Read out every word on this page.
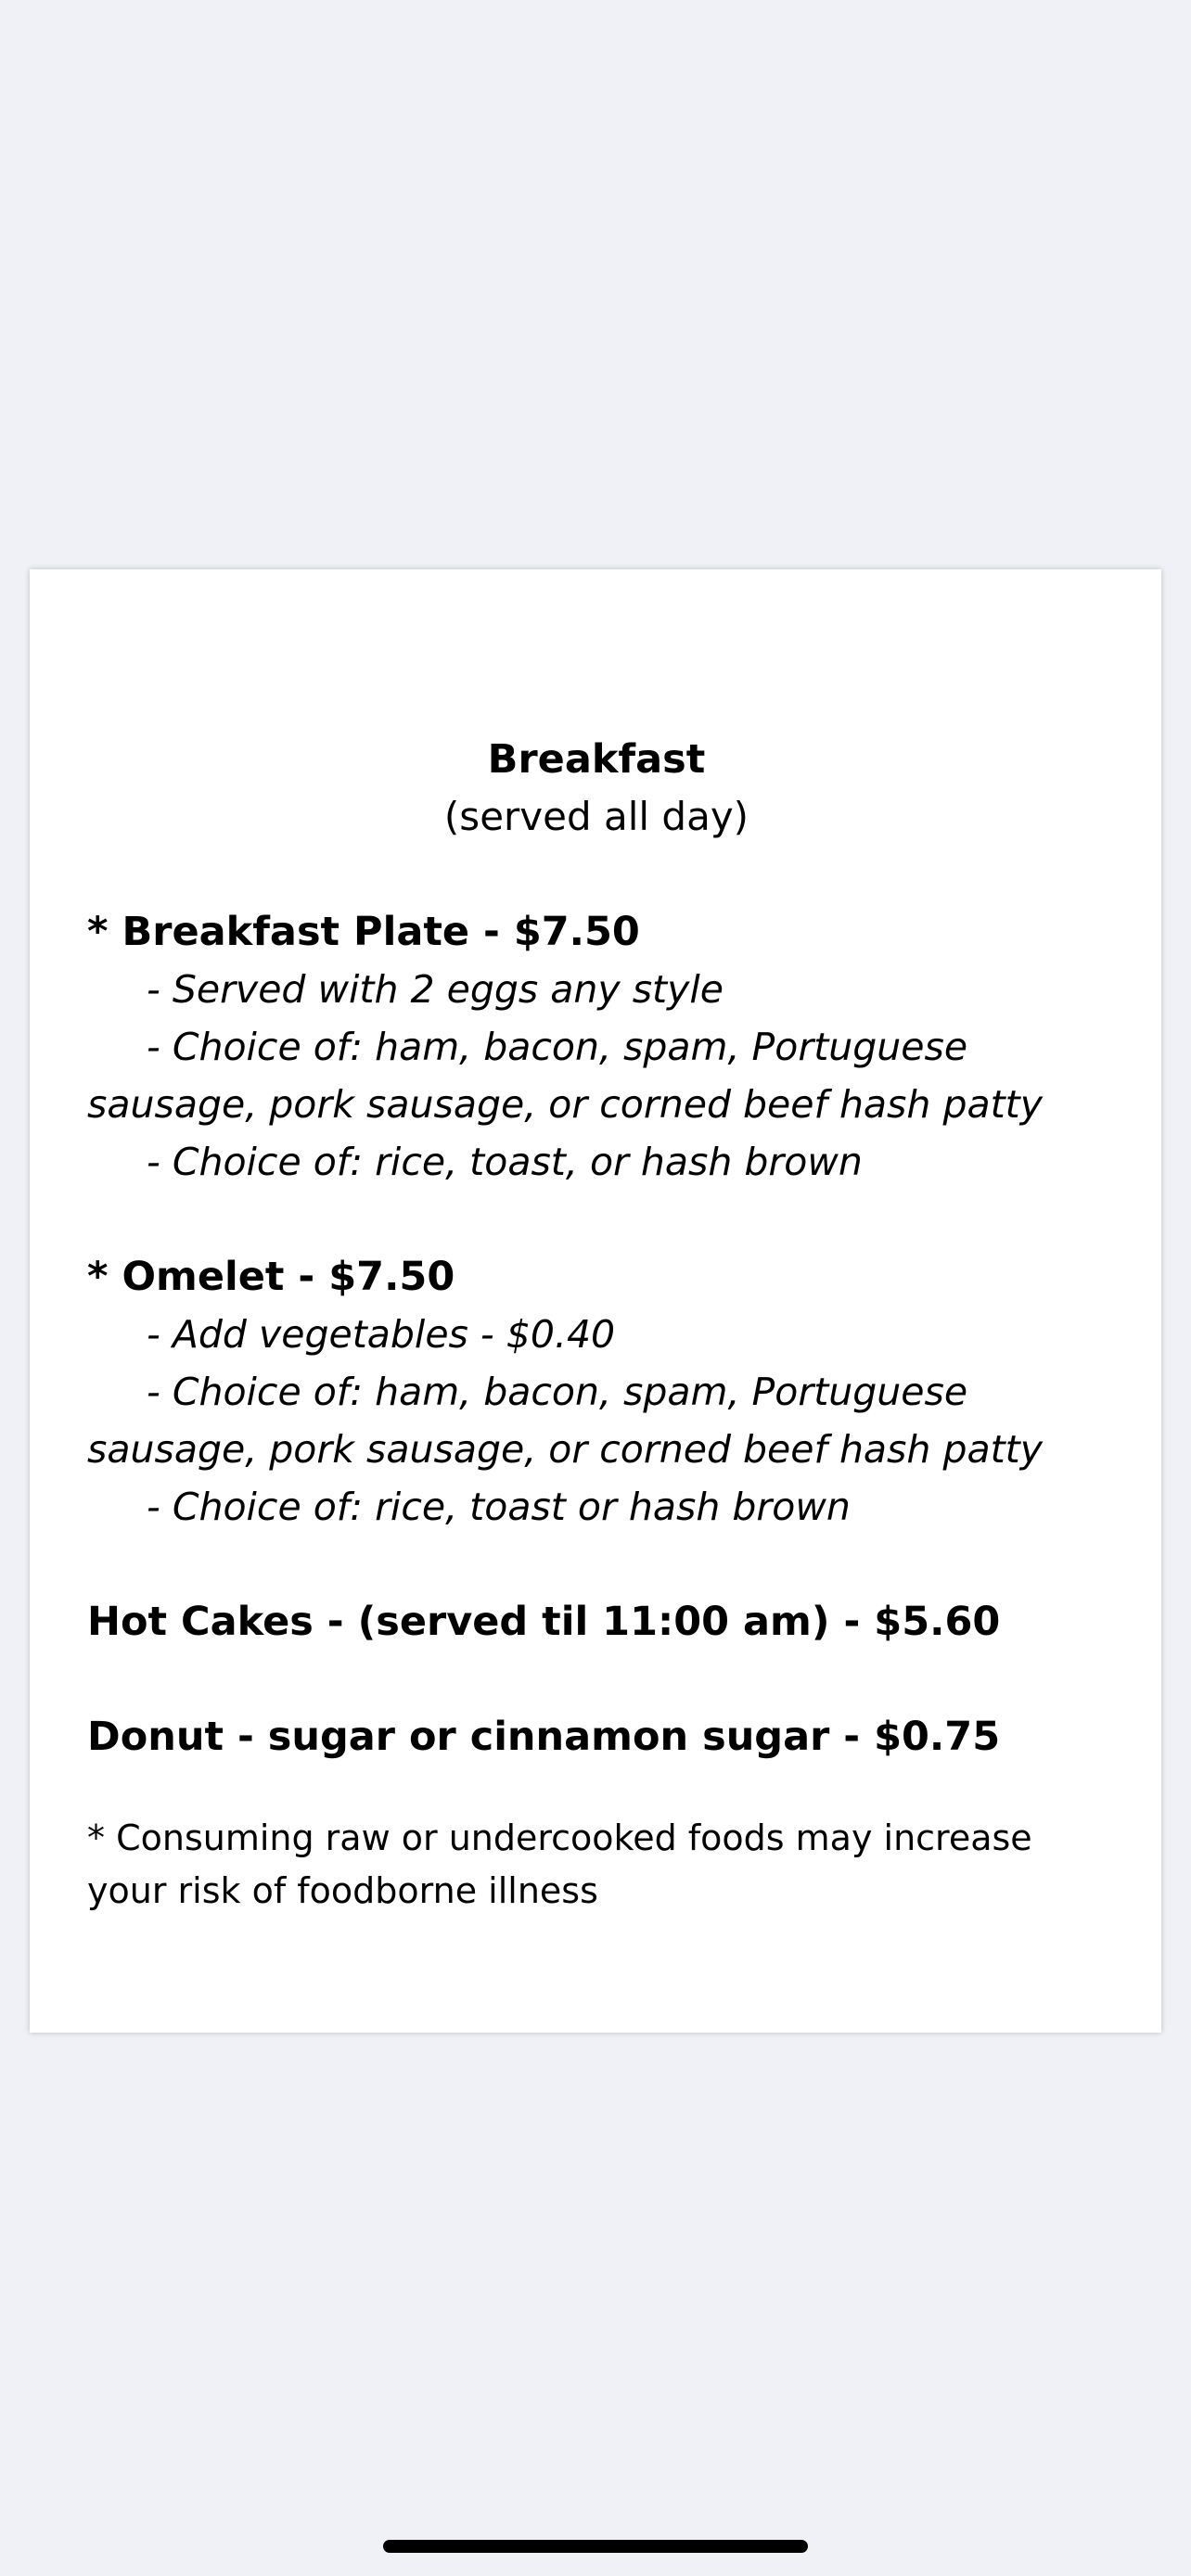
Breakfast
(served all day)
* Breakfast Plate - $7.50
- Served with 2 eggs any style
- Choice of: ham, bacon, spam, Portuguese sausage, pork sausage, or corned beef hash patty
- Choice of: rice, toast, or hash brown
* Omelet - $7.50
- Add vegetables - $0.40
- Choice of: ham, bacon, spam, Portuguese sausage, pork sausage, or corned beef hash patty
- Choice of: rice, toast or hash brown
Hot Cakes - (served til 11:00 am) - $5.60
Donut - sugar or cinnamon sugar - $0.75
* Consuming raw or undercooked foods may increase your risk of foodborne illness
